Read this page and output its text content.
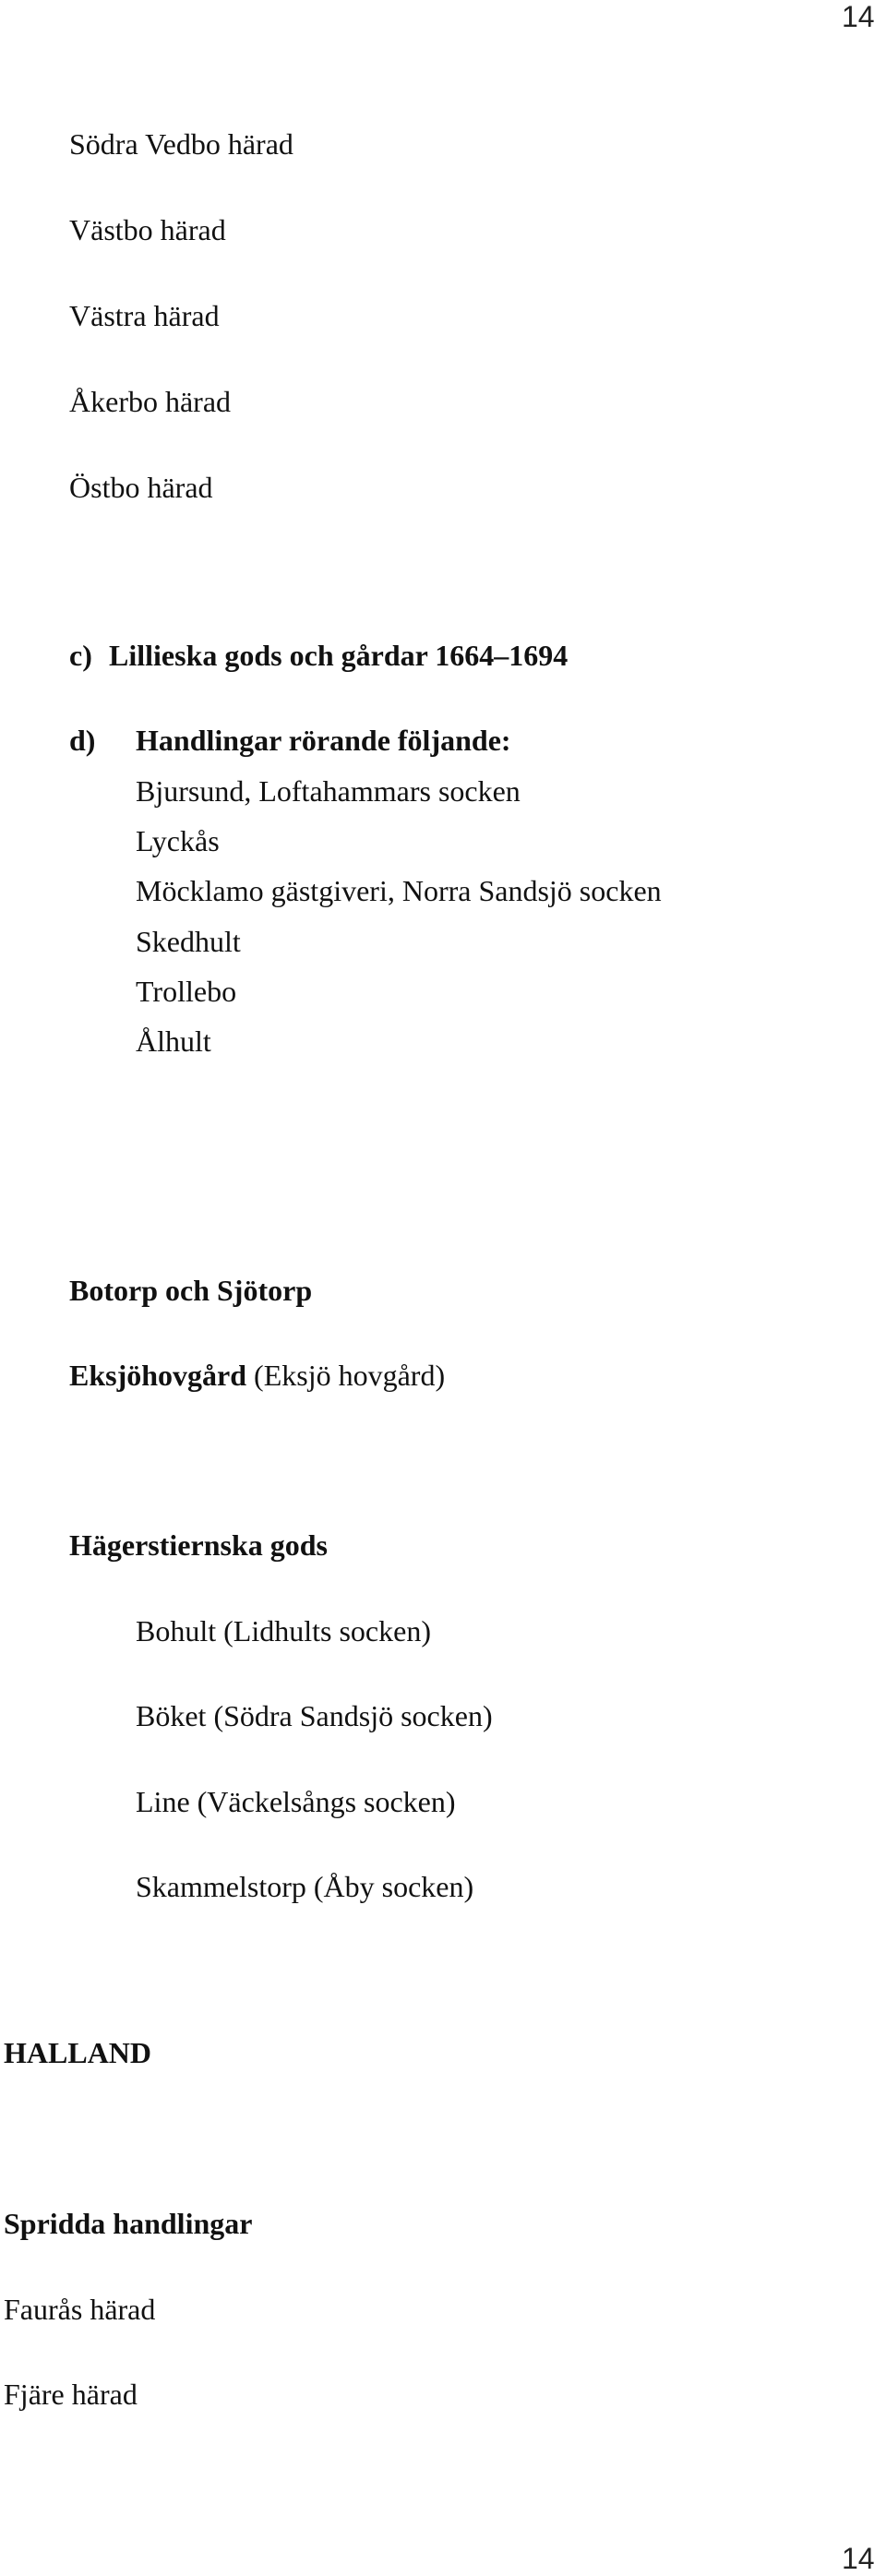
14
Södra Vedbo härad
Västbo härad
Västra härad
Åkerbo härad
Östbo härad
c) Lillieska gods och gårdar 1664–1694
d) Handlingar rörande följande:
Bjursund, Loftahammars socken
Lyckås
Möcklamo gästgiveri, Norra Sandsjö socken
Skedhult
Trollebo
Ålhult
Botorp och Sjötorp
Eksjöhovgård (Eksjö hovgård)
Hägerstiernska gods
Bohult (Lidhults socken)
Böket (Södra Sandsjö socken)
Line (Väckelsångs socken)
Skammelstorp (Åby socken)
HALLAND
Spridda handlingar
Faurås härad
Fjäre härad
14
